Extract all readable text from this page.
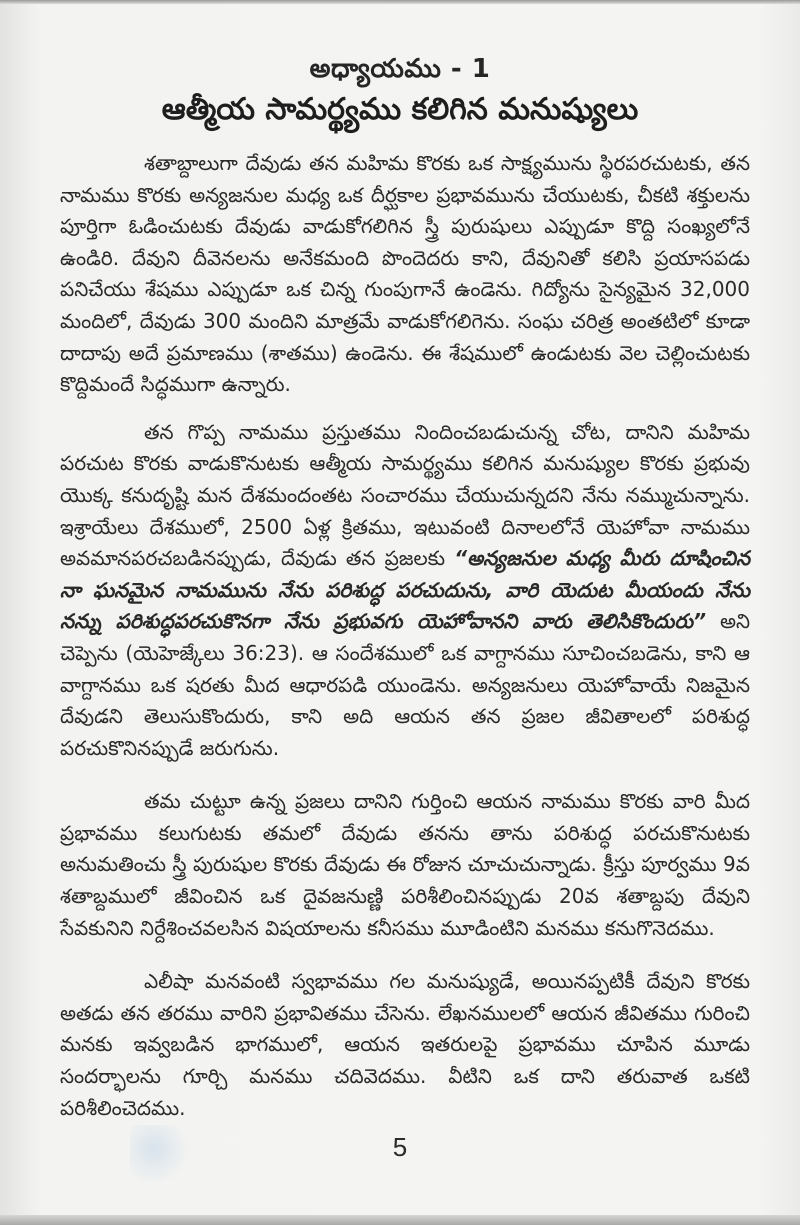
అధ్యాయము - 1
ఆత్మీయ సామర్థ్యము కలిగిన మనుష్యులు

శతాబ్దాలుగా దేవుడు తన మహిమ కొరకు ఒక సాక్ష్యమును స్థిరపరచుటకు, తన నామము కొరకు అన్యజనుల మధ్య ఒక దీర్ఘకాల ప్రభావమును చేయుటకు, చీకటి శక్తులను పూర్తిగా ఓడించుటకు దేవుడు వాడుకోగలిగిన స్త్రీ పురుషులు ఎప్పుడూ కొద్ది సంఖ్యలోనే ఉండిరి. దేవుని దీవెనలను అనేకమంది పొందెదరు కాని, దేవునితో కలిసి ప్రయాసపడు పనిచేయు శేషము ఎప్పుడూ ఒక చిన్న గుంపుగానే ఉండెను. గిద్యోను సైన్యమైన 32,000 మందిలో, దేవుడు 300 మందిని మాత్రమే వాడుకోగలిగెను. సంఘ చరిత్ర అంతటిలో కూడా దాదాపు అదే ప్రమాణము (శాతము) ఉండెను. ఈ శేషములో ఉండుటకు వెల చెల్లించుటకు కొద్దిమందే సిద్ధముగా ఉన్నారు.

తన గొప్ప నామము ప్రస్తుతము నిందించబడుచున్న చోట, దానిని మహిమ పరచుట కొరకు వాడుకొనుటకు ఆత్మీయ సామర్థ్యము కలిగిన మనుష్యుల కొరకు ప్రభువు యొక్క కనుదృష్టి మన దేశమందంతట సంచారము చేయుచున్నదని నేను నమ్ముచున్నాను. ఇశ్రాయేలు దేశములో, 2500 ఏళ్ల క్రితము, ఇటువంటి దినాలలోనే యెహోవా నామము అవమానపరచబడినప్పుడు, దేవుడు తన ప్రజలకు “అన్యజనుల మధ్య మీరు దూషించిన నా ఘనమైన నామమును నేను పరిశుద్ధ పరచుదును, వారి యెదుట మీయందు నేను నన్ను పరిశుద్ధపరచుకొనగా నేను ప్రభువగు యెహోవానని వారు తెలిసికొందురు” అని చెప్పెను (యెహెజ్కేలు 36:23). ఆ సందేశములో ఒక వాగ్దానము సూచించబడెను, కాని ఆ వాగ్దానము ఒక షరతు మీద ఆధారపడి యుండెను. అన్యజనులు యెహోవాయే నిజమైన దేవుడని తెలుసుకొందురు, కాని అది ఆయన తన ప్రజల జీవితాలలో పరిశుద్ధ పరచుకొనినప్పుడే జరుగును.

తమ చుట్టూ ఉన్న ప్రజలు దానిని గుర్తించి ఆయన నామము కొరకు వారి మీద ప్రభావము కలుగుటకు తమలో దేవుడు తనను తాను పరిశుద్ధ పరచుకొనుటకు అనుమతించు స్త్రీ పురుషుల కొరకు దేవుడు ఈ రోజున చూచుచున్నాడు. క్రీస్తు పూర్వము 9వ శతాబ్దములో జీవించిన ఒక దైవజనుణ్ణి పరిశీలించినప్పుడు 20వ శతాబ్దపు దేవుని సేవకునిని నిర్దేశించవలసిన విషయాలను కనీసము మూడింటిని మనము కనుగొనెదము.

ఎలీషా మనవంటి స్వభావము గల మనుష్యుడే, అయినప్పటికీ దేవుని కొరకు అతడు తన తరము వారిని ప్రభావితము చేసెను. లేఖనములలో ఆయన జీవితము గురించి మనకు ఇవ్వబడిన భాగములో, ఆయన ఇతరులపై ప్రభావము చూపిన మూడు సందర్భాలను గూర్చి మనము చదివెదము. వీటిని ఒక దాని తరువాత ఒకటి పరిశీలించెదము.

5
